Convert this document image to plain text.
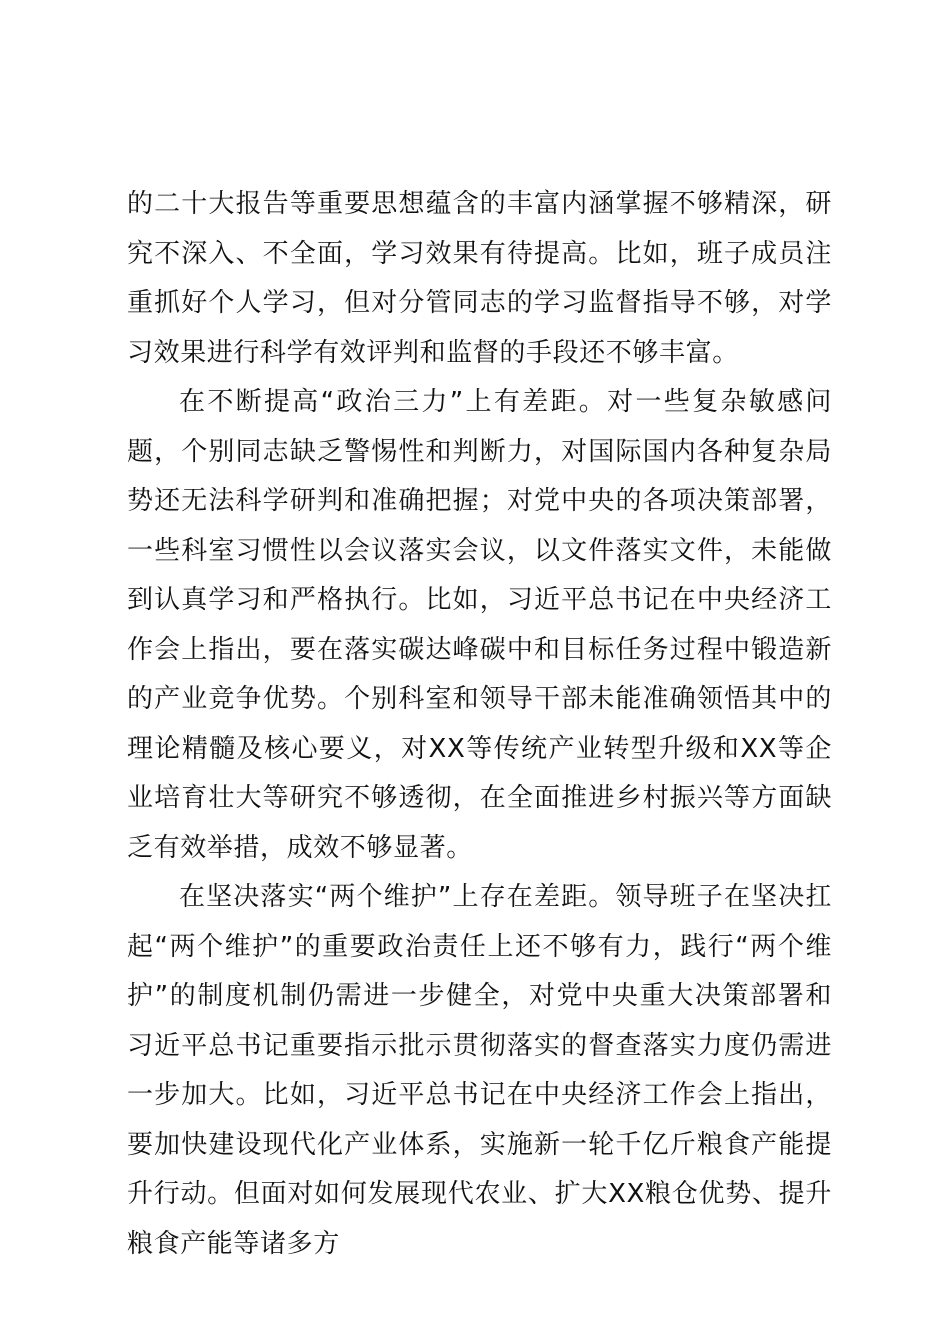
的二十大报告等重要思想蕴含的丰富内涵掌握不够精深，研究不深入、不全面，学习效果有待提高。比如，班子成员注重抓好个人学习，但对分管同志的学习监督指导不够，对学习效果进行科学有效评判和监督的手段还不够丰富。

在不断提高“政治三力”上有差距。对一些复杂敏感问题，个别同志缺乏警惕性和判断力，对国际国内各种复杂局势还无法科学研判和准确把握；对党中央的各项决策部署，一些科室习惯性以会议落实会议，以文件落实文件，未能做到认真学习和严格执行。比如，习近平总书记在中央经济工作会上指出，要在落实碳达峰碳中和目标任务过程中锻造新的产业竞争优势。个别科室和领导干部未能准确领悟其中的理论精髓及核心要义，对XX等传统产业转型升级和XX等企业培育壮大等研究不够透彻，在全面推进乡村振兴等方面缺乏有效举措，成效不够显著。

在坚决落实“两个维护”上存在差距。领导班子在坚决扛起“两个维护”的重要政治责任上还不够有力，践行“两个维护”的制度机制仍需进一步健全，对党中央重大决策部署和习近平总书记重要指示批示贯彻落实的督查落实力度仍需进一步加大。比如，习近平总书记在中央经济工作会上指出，要加快建设现代化产业体系，实施新一轮千亿斤粮食产能提升行动。但面对如何发展现代农业、扩大XX粮仓优势、提升粮食产能等诸多方
